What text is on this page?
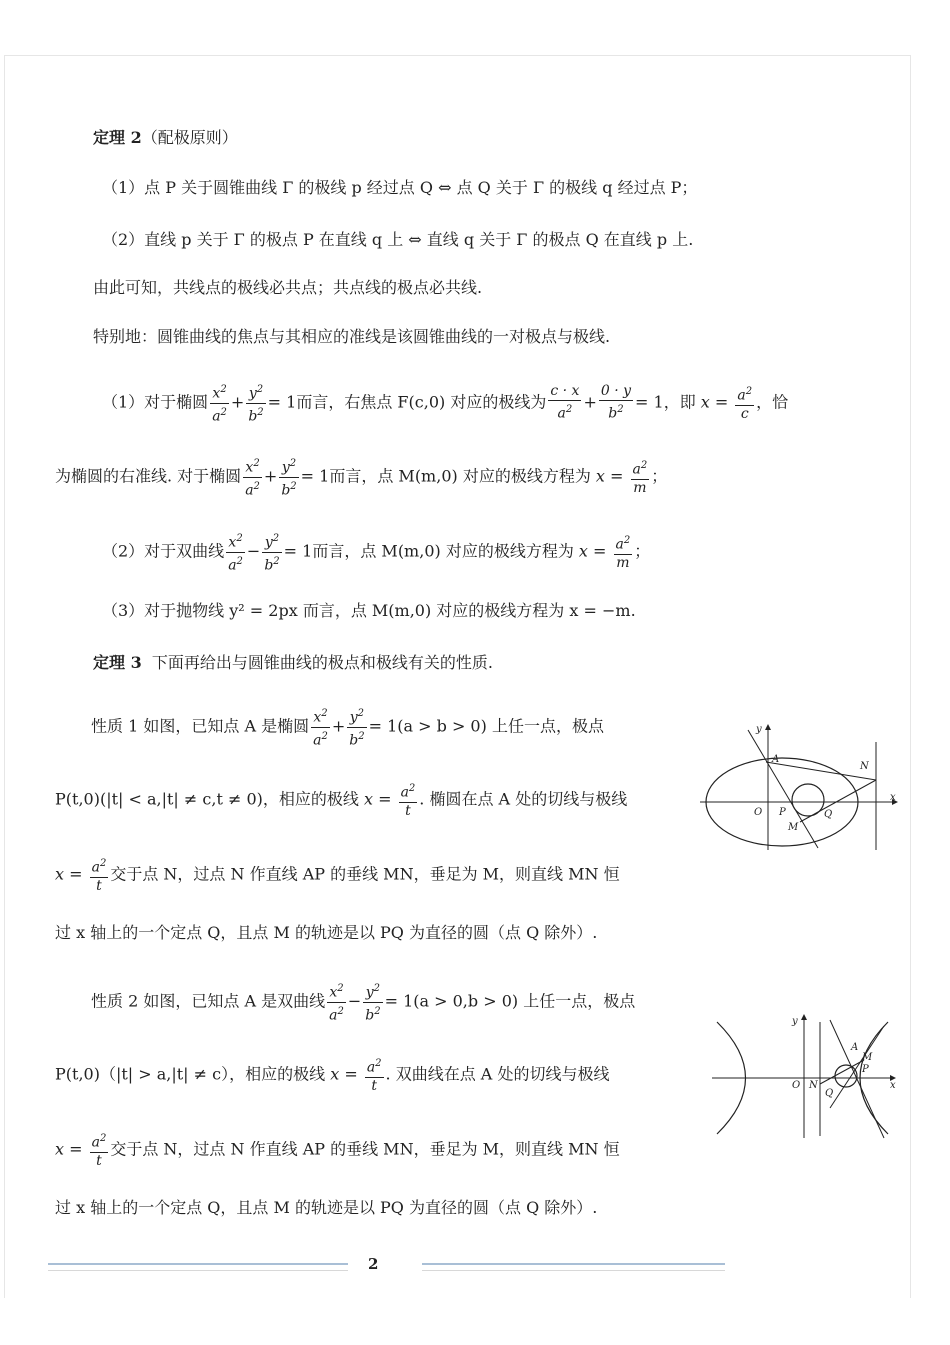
定理 2（配极原则）
（1）点 P 关于圆锥曲线 Γ 的极线 p 经过点 Q ⇔ 点 Q 关于 Γ 的极线 q 经过点 P；
（2）直线 p 关于 Γ 的极点 P 在直线 q 上 ⇔ 直线 q 关于 Γ 的极点 Q 在直线 p 上.
由此可知，共线点的极线必共点；共点线的极点必共线.
特别地：圆锥曲线的焦点与其相应的准线是该圆锥曲线的一对极点与极线.
（1）对于椭圆 $\frac{x^2}{a^2} + \frac{y^2}{b^2} = 1$而言，右焦点 F(c,0) 对应的极线为 $\frac{c \cdot x}{a^2} + \frac{0 \cdot y}{b^2} = 1$，即 $x = \frac{a^2}{c}$ ，恰
为椭圆的右准线. 对于椭圆 $\frac{x^2}{a^2} + \frac{y^2}{b^2} = 1$而言，点 M(m,0) 对应的极线方程为 $x = \frac{a^2}{m}$ ；
（2）对于双曲线 $\frac{x^2}{a^2} - \frac{y^2}{b^2} = 1$而言，点 M(m,0) 对应的极线方程为 $x = \frac{a^2}{m}$ ；
（3）对于抛物线 y² = 2px 而言，点 M(m,0) 对应的极线方程为 x = −m.
定理 3 下面再给出与圆锥曲线的极点和极线有关的性质.
性质 1 如图，已知点 A 是椭圆 $\frac{x^2}{a^2} + \frac{y^2}{b^2} = 1(a > b > 0)$ 上任一点，极点
P(t,0)(|t| < a,|t| ≠ c,t ≠ 0)，相应的极线 $x = \frac{a^2}{t}$ . 椭圆在点 A 处的切线与极线
$x = \frac{a^2}{t}$ 交于点 N，过点 N 作直线 AP 的垂线 MN，垂足为 M，则直线 MN 恒
过 x 轴上的一个定点 Q，且点 M 的轨迹是以 PQ 为直径的圆（点 Q 除外）.
y
A
N
x
O P
M
Q
性质 2 如图，已知点 A 是双曲线 $\frac{x^2}{a^2} - \frac{y^2}{b^2} = 1(a > 0,b > 0)$ 上任一点，极点
P(t,0)（|t| > a,|t| ≠ c），相应的极线 $x = \frac{a^2}{t}$ . 双曲线在点 A 处的切线与极线
$x = \frac{a^2}{t}$ 交于点 N，过点 N 作直线 AP 的垂线 MN，垂足为 M，则直线 MN 恒
过 x 轴上的一个定点 Q，且点 M 的轨迹是以 PQ 为直径的圆（点 Q 除外）.
y
A
M
P
x
O N
Q
2
